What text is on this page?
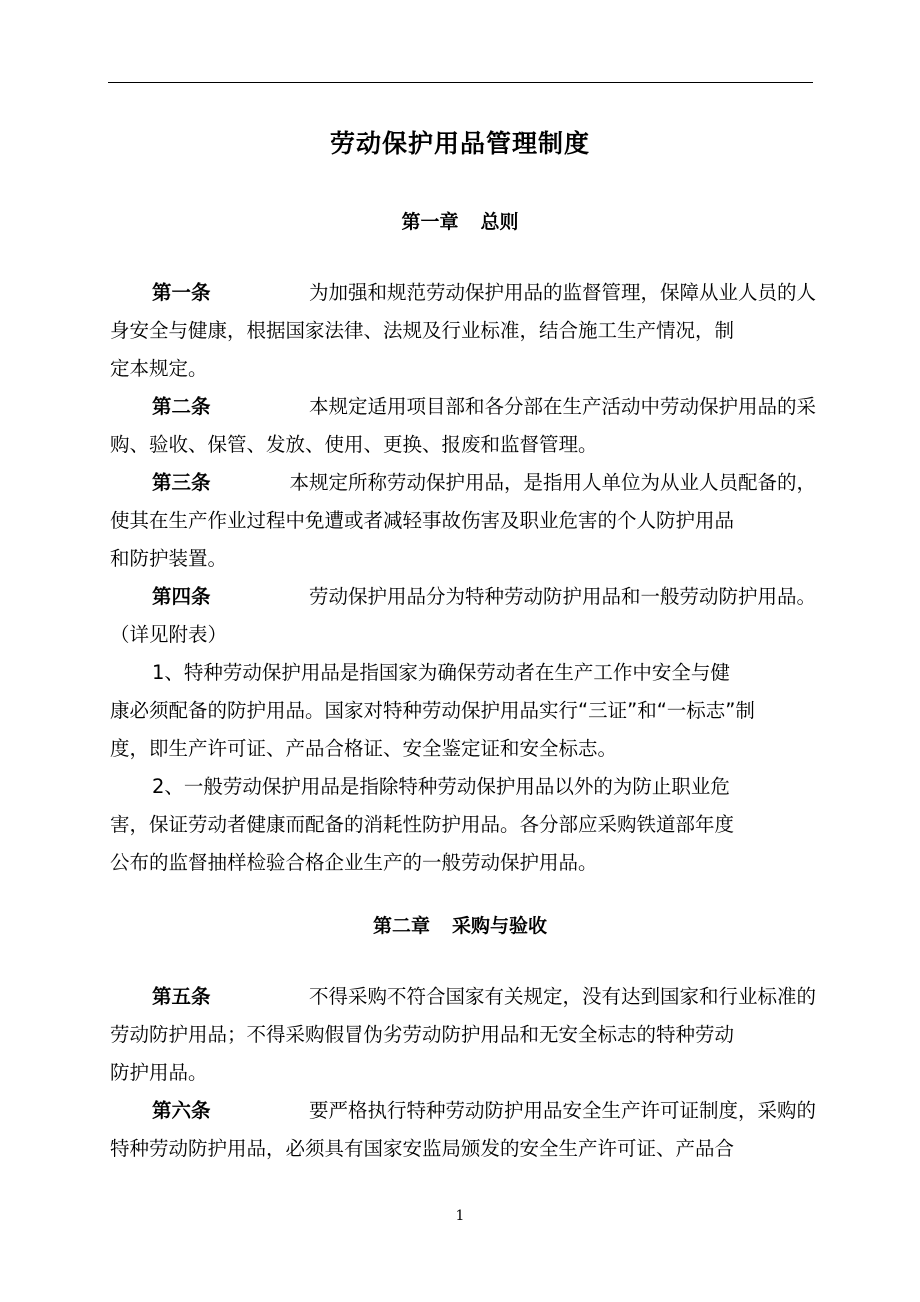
劳动保护用品管理制度
第一章 总则
第一条	为加强和规范劳动保护用品的监督管理，保障从业人员的人
身安全与健康，根据国家法律、法规及行业标准，结合施工生产情况，制
定本规定。
第二条	本规定适用项目部和各分部在生产活动中劳动保护用品的采
购、验收、保管、发放、使用、更换、报废和监督管理。
第三条	本规定所称劳动保护用品，是指用人单位为从业人员配备的，
使其在生产作业过程中免遭或者减轻事故伤害及职业危害的个人防护用品
和防护装置。
第四条	劳动保护用品分为特种劳动防护用品和一般劳动防护用品。
（详见附表）
1、特种劳动保护用品是指国家为确保劳动者在生产工作中安全与健
康必须配备的防护用品。国家对特种劳动保护用品实行“三证”和“一标志”制
度，即生产许可证、产品合格证、安全鉴定证和安全标志。
2、一般劳动保护用品是指除特种劳动保护用品以外的为防止职业危
害，保证劳动者健康而配备的消耗性防护用品。各分部应采购铁道部年度
公布的监督抽样检验合格企业生产的一般劳动保护用品。
第二章 采购与验收
第五条	不得采购不符合国家有关规定，没有达到国家和行业标准的
劳动防护用品；不得采购假冒伪劣劳动防护用品和无安全标志的特种劳动
防护用品。
第六条	要严格执行特种劳动防护用品安全生产许可证制度，采购的
特种劳动防护用品，必须具有国家安监局颁发的安全生产许可证、产品合
1
